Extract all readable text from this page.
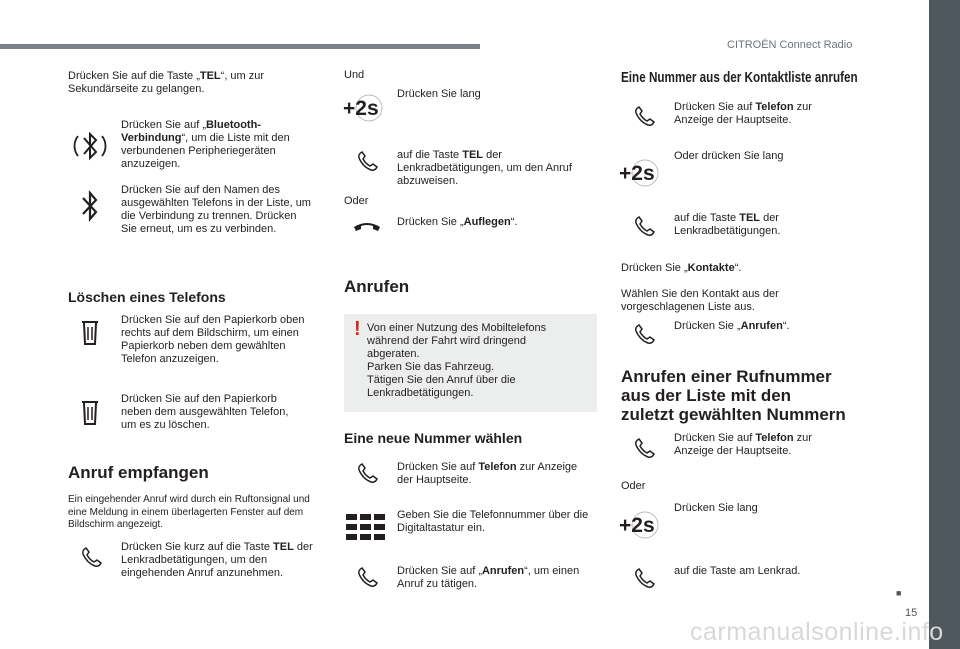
CITROËN Connect Radio
■
15
carmanualsonline.info
Drücken Sie auf die Taste „TEL“, um zur Sekundärseite zu gelangen.
Drücken Sie auf „Bluetooth-Verbindung“, um die Liste mit den verbundenen Peripheriegeräten anzuzeigen.
Drücken Sie auf den Namen des ausgewählten Telefons in der Liste, um die Verbindung zu trennen. Drücken Sie erneut, um es zu verbinden.
Löschen eines Telefons
Drücken Sie auf den Papierkorb oben rechts auf dem Bildschirm, um einen Papierkorb neben dem gewählten Telefon anzuzeigen.
Drücken Sie auf den Papierkorb neben dem ausgewählten Telefon, um es zu löschen.
Anruf empfangen
Ein eingehender Anruf wird durch ein Ruftonsignal und eine Meldung in einem überlagerten Fenster auf dem Bildschirm angezeigt.
Drücken Sie kurz auf die Taste TEL der Lenkradbetätigungen, um den eingehenden Anruf anzunehmen.
Und
+2s
Drücken Sie lang
auf die Taste TEL der Lenkradbetätigungen, um den Anruf abzuweisen.
Oder
Drücken Sie „Auflegen“.
Anrufen
! Von einer Nutzung des Mobiltelefons
während der Fahrt wird dringend
abgeraten.
Parken Sie das Fahrzeug.
Tätigen Sie den Anruf über die
Lenkradbetätigungen.
Eine neue Nummer wählen
Drücken Sie auf Telefon zur Anzeige der Hauptseite.
Geben Sie die Telefonnummer über die Digitaltastatur ein.
Drücken Sie auf „Anrufen“, um einen Anruf zu tätigen.
Eine Nummer aus der Kontaktliste anrufen
Drücken Sie auf Telefon zur Anzeige der Hauptseite.
+2s
Oder drücken Sie lang
auf die Taste TEL der Lenkradbetätigungen.
Drücken Sie „Kontakte“.
Wählen Sie den Kontakt aus der vorgeschlagenen Liste aus.
Drücken Sie „Anrufen“.
Anrufen einer Rufnummer
aus der Liste mit den
zuletzt gewählten Nummern
Drücken Sie auf Telefon zur Anzeige der Hauptseite.
Oder
+2s
Drücken Sie lang
auf die Taste am Lenkrad.
